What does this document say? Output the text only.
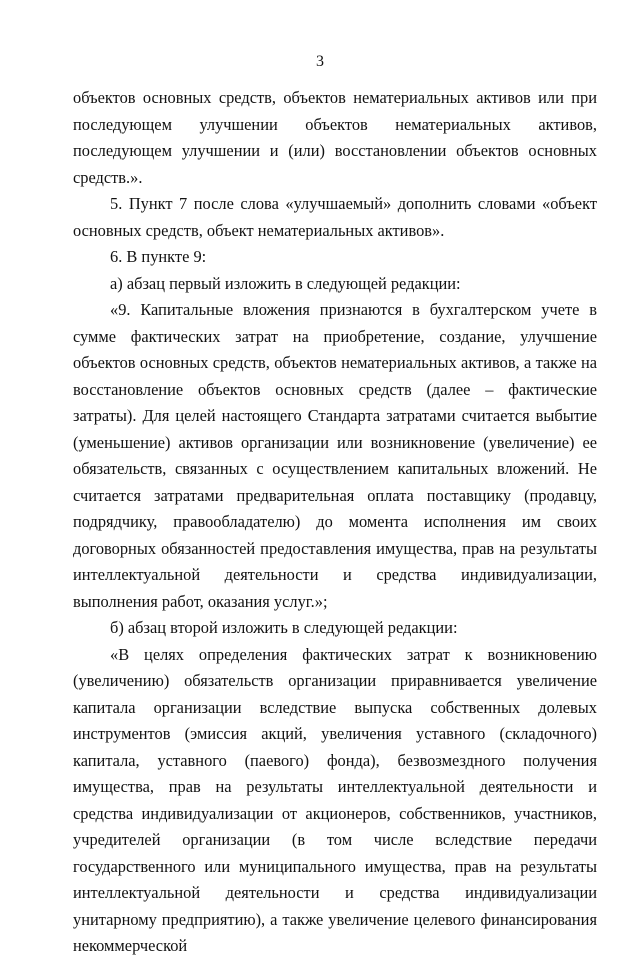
3

объектов основных средств, объектов нематериальных активов или при последующем улучшении объектов нематериальных активов, последующем улучшении и (или) восстановлении объектов основных средств.».

5. Пункт 7 после слова «улучшаемый» дополнить словами «объект основных средств, объект нематериальных активов».

6. В пункте 9:

а) абзац первый изложить в следующей редакции:

«9. Капитальные вложения признаются в бухгалтерском учете в сумме фактических затрат на приобретение, создание, улучшение объектов основных средств, объектов нематериальных активов, а также на восстановление объектов основных средств (далее – фактические затраты). Для целей настоящего Стандарта затратами считается выбытие (уменьшение) активов организации или возникновение (увеличение) ее обязательств, связанных с осуществлением капитальных вложений. Не считается затратами предварительная оплата поставщику (продавцу, подрядчику, правообладателю) до момента исполнения им своих договорных обязанностей предоставления имущества, прав на результаты интеллектуальной деятельности и средства индивидуализации, выполнения работ, оказания услуг.»;

б) абзац второй изложить в следующей редакции:

«В целях определения фактических затрат к возникновению (увеличению) обязательств организации приравнивается увеличение капитала организации вследствие выпуска собственных долевых инструментов (эмиссия акций, увеличения уставного (складочного) капитала, уставного (паевого) фонда), безвозмездного получения имущества, прав на результаты интеллектуальной деятельности и средства индивидуализации от акционеров, собственников, участников, учредителей организации (в том числе вследствие передачи государственного или муниципального имущества, прав на результаты интеллектуальной деятельности и средства индивидуализации унитарному предприятию), а также увеличение целевого финансирования некоммерческой
